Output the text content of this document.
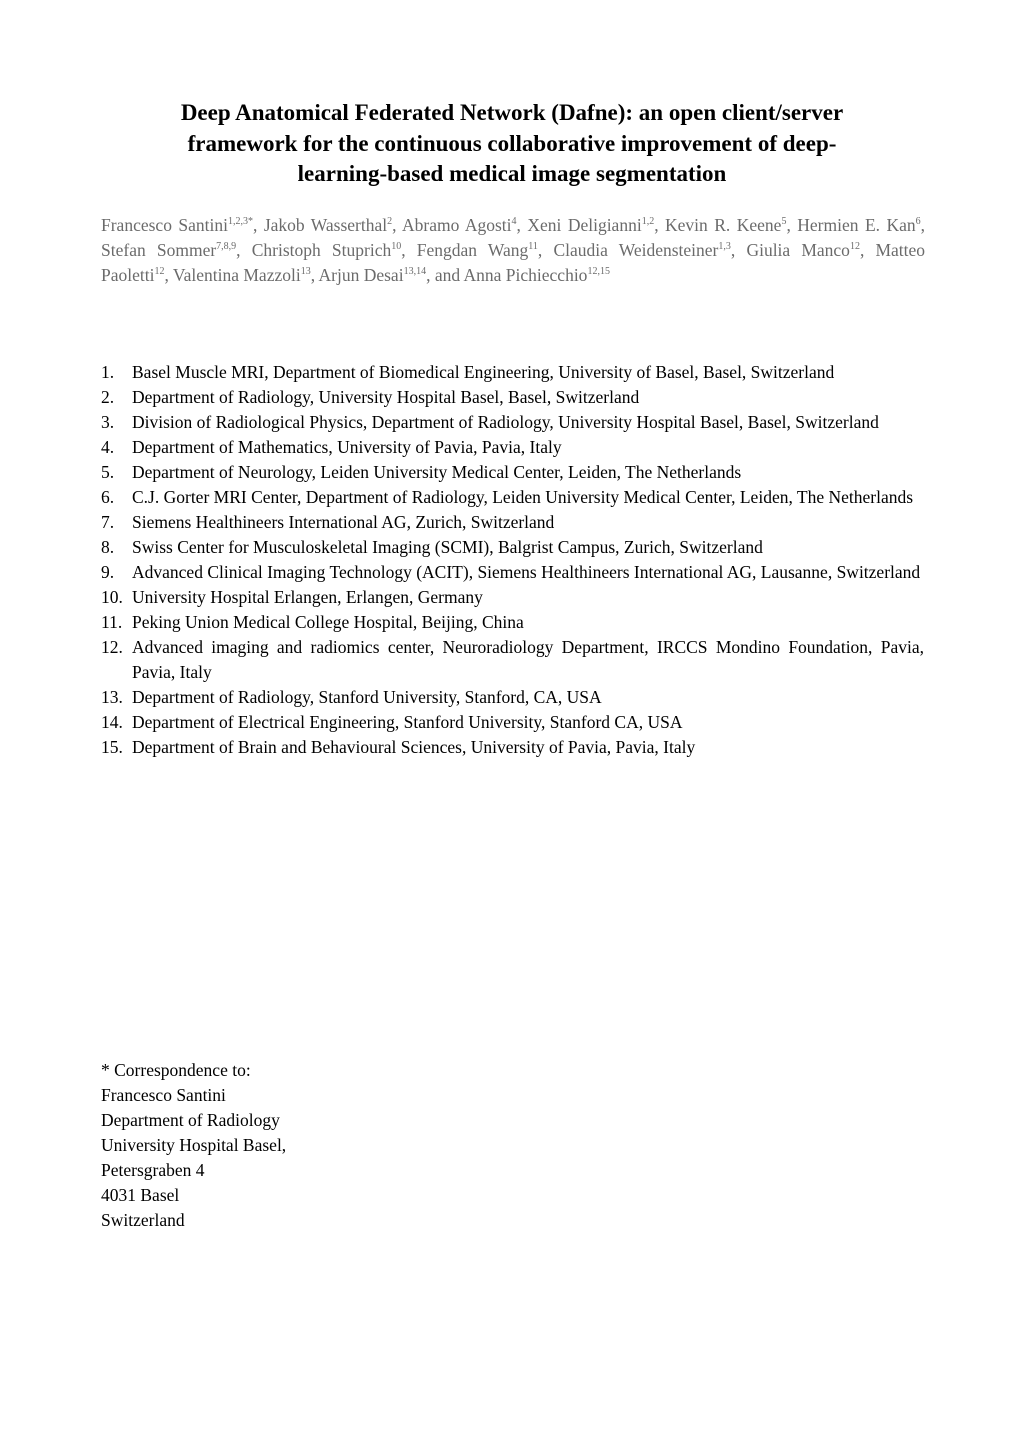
Deep Anatomical Federated Network (Dafne): an open client/server
framework for the continuous collaborative improvement of deep-
learning-based medical image segmentation
Francesco Santini$^{1,2,3*}$, Jakob Wasserthal$^2$, Abramo Agosti$^4$, Xeni Deligianni$^{1,2}$, Kevin R. Keene$^5$, Hermien E. Kan$^6$, Stefan Sommer$^{7,8,9}$, Christoph Stuprich$^{10}$, Fengdan Wang$^{11}$, Claudia Weidensteiner$^{1,3}$, Giulia Manco$^{12}$, Matteo Paoletti$^{12}$, Valentina Mazzoli$^{13}$, Arjun Desai$^{13,14}$, and Anna Pichiecchio$^{12,15}$
1. Basel Muscle MRI, Department of Biomedical Engineering, University of Basel, Basel, Switzerland
2. Department of Radiology, University Hospital Basel, Basel, Switzerland
3. Division of Radiological Physics, Department of Radiology, University Hospital Basel, Basel, Switzerland
4. Department of Mathematics, University of Pavia, Pavia, Italy
5. Department of Neurology, Leiden University Medical Center, Leiden, The Netherlands
6. C.J. Gorter MRI Center, Department of Radiology, Leiden University Medical Center, Leiden, The Netherlands
7. Siemens Healthineers International AG, Zurich, Switzerland
8. Swiss Center for Musculoskeletal Imaging (SCMI), Balgrist Campus, Zurich, Switzerland
9. Advanced Clinical Imaging Technology (ACIT), Siemens Healthineers International AG, Lausanne, Switzerland
10. University Hospital Erlangen, Erlangen, Germany
11. Peking Union Medical College Hospital, Beijing, China
12. Advanced imaging and radiomics center, Neuroradiology Department, IRCCS Mondino Foundation, Pavia, Pavia, Italy
13. Department of Radiology, Stanford University, Stanford, CA, USA
14. Department of Electrical Engineering, Stanford University, Stanford CA, USA
15. Department of Brain and Behavioural Sciences, University of Pavia, Pavia, Italy
* Correspondence to:
Francesco Santini
Department of Radiology
University Hospital Basel,
Petersgraben 4
4031 Basel
Switzerland
